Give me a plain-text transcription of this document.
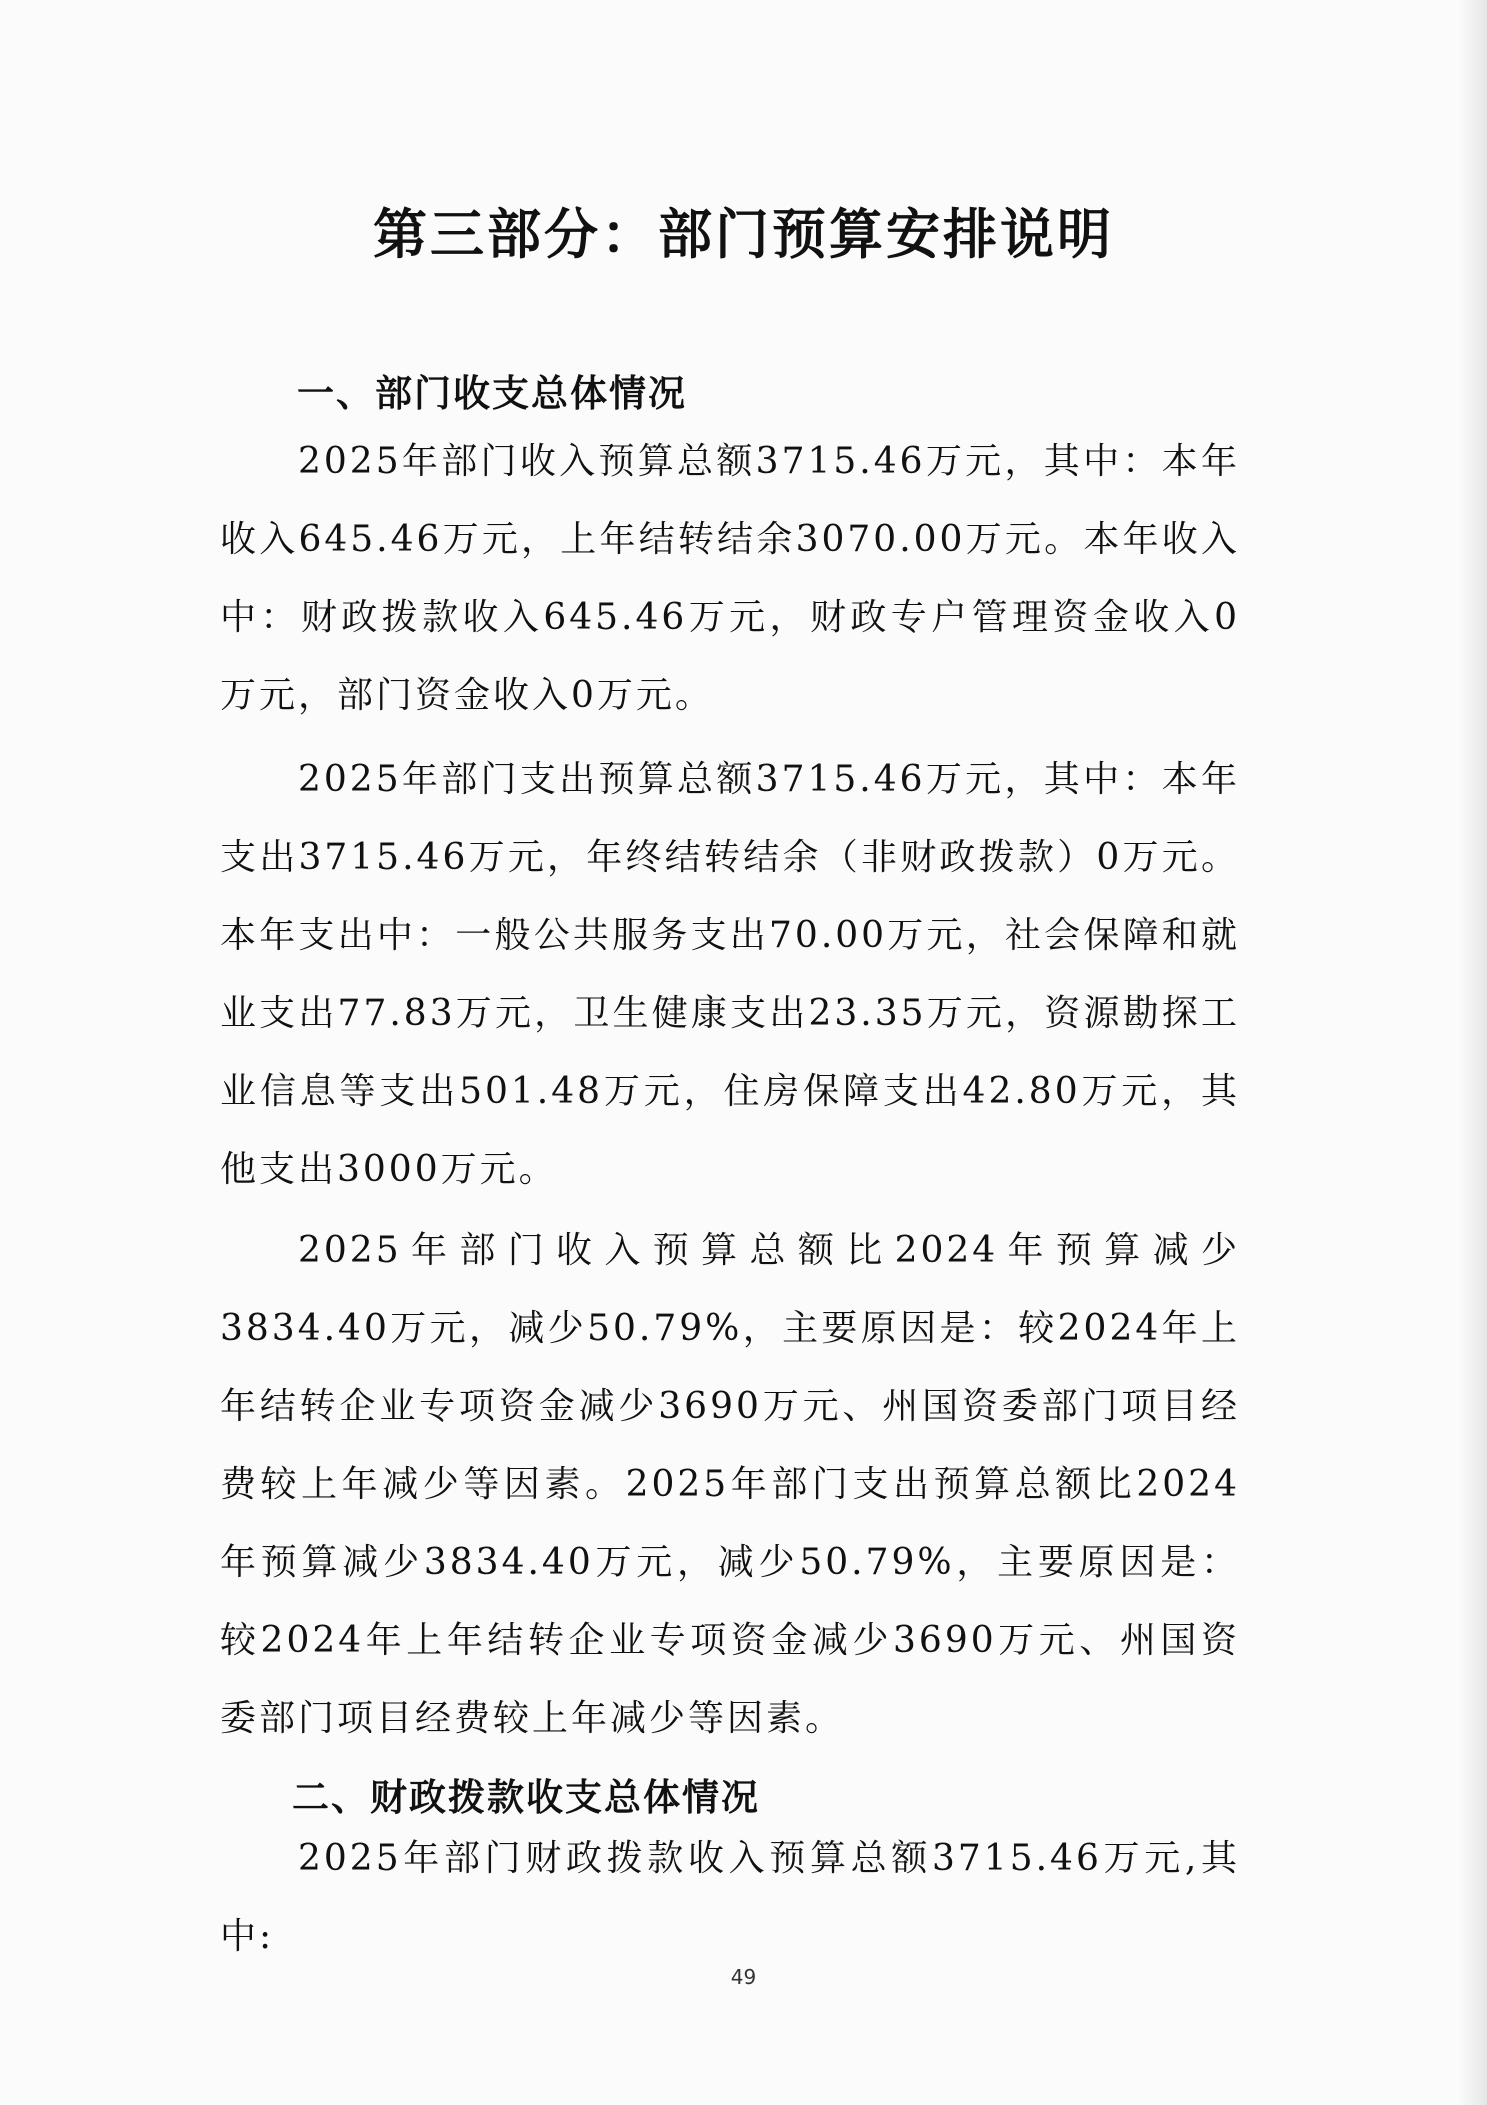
第三部分：部门预算安排说明
一、部门收支总体情况

2025年部门收入预算总额3715.46万元，其中：本年收入645.46万元，上年结转结余3070.00万元。本年收入中：财政拨款收入645.46万元，财政专户管理资金收入0万元，部门资金收入0万元。

2025年部门支出预算总额3715.46万元，其中：本年支出3715.46万元，年终结转结余（非财政拨款）0万元。本年支出中：一般公共服务支出70.00万元，社会保障和就业支出77.83万元，卫生健康支出23.35万元，资源勘探工业信息等支出501.48万元，住房保障支出42.80万元，其他支出3000万元。

2025年部门收入预算总额比2024年预算减少3834.40万元，减少50.79%，主要原因是：较2024年上年结转企业专项资金减少3690万元、州国资委部门项目经费较上年减少等因素。2025年部门支出预算总额比2024年预算减少3834.40万元，减少50.79%，主要原因是：较2024年上年结转企业专项资金减少3690万元、州国资委部门项目经费较上年减少等因素。

二、财政拨款收支总体情况

2025年部门财政拨款收入预算总额3715.46万元,其中:

49
